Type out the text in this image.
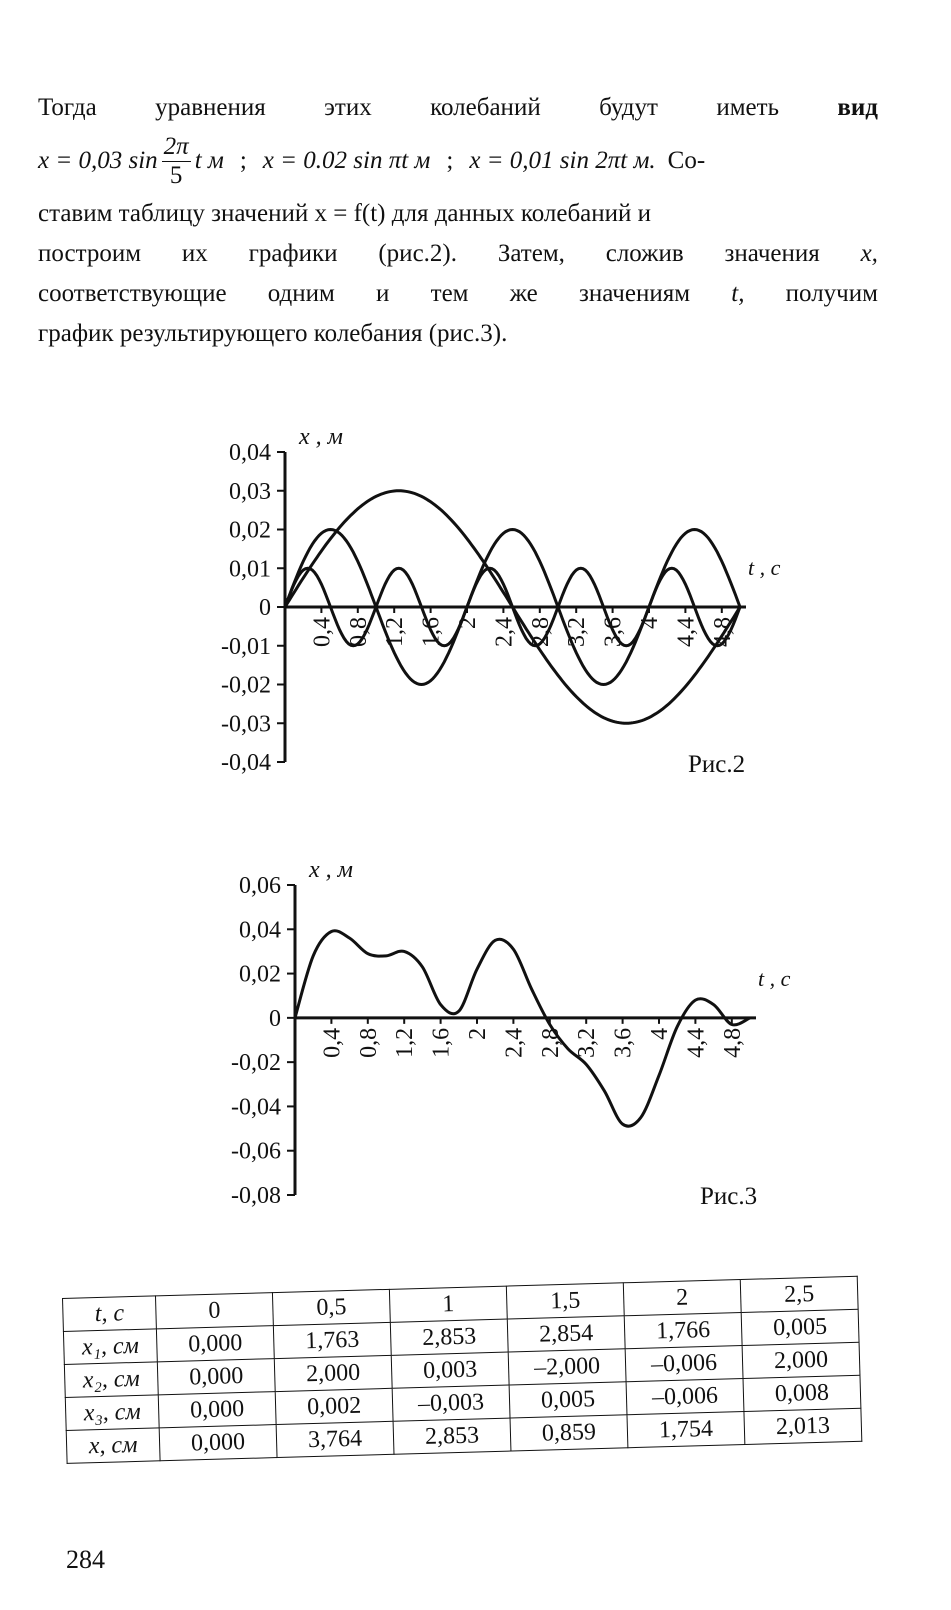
Тогда уравнения этих колебаний будут иметь вид
x = 0,03 $\sin \frac{2\pi}{5}$ t м ; x = 0.02 sin πt м ; x = 0,01 sin 2πt м. Со-
ставим таблицу значений x = f(t) для данных колебаний и
построим их графики (рис.2). Затем, сложив значения x,
соответствующие одним и тем же значениям t, получим
график результирующего колебания (рис.3).
0,04
0,03
0,02
0,01
0
-0,01
-0,02
-0,03
-0,04
0,4 0,8 1,2 1,6 2 2,4 2,8 3,2 3,6 4 4,4 4,8
x , м
t , с
Рис.2
0,06
0,04
0,02
0
-0,02
-0,04
-0,06
-0,08
0,4 0,8 1,2 1,6 2 2,4 2,8 3,2 3,6 4 4,4 4,8
x , м
t , с
Рис.3
t, с	0	0,5	1	1,5	2	2,5
x₁, см	0,000	1,763	2,853	2,854	1,766	0,005
x₂, см	0,000	2,000	0,003	–2,000	–0,006	2,000
x₃, см	0,000	0,002	–0,003	0,005	–0,006	0,008
x, см	0,000	3,764	2,853	0,859	1,754	2,013
284
